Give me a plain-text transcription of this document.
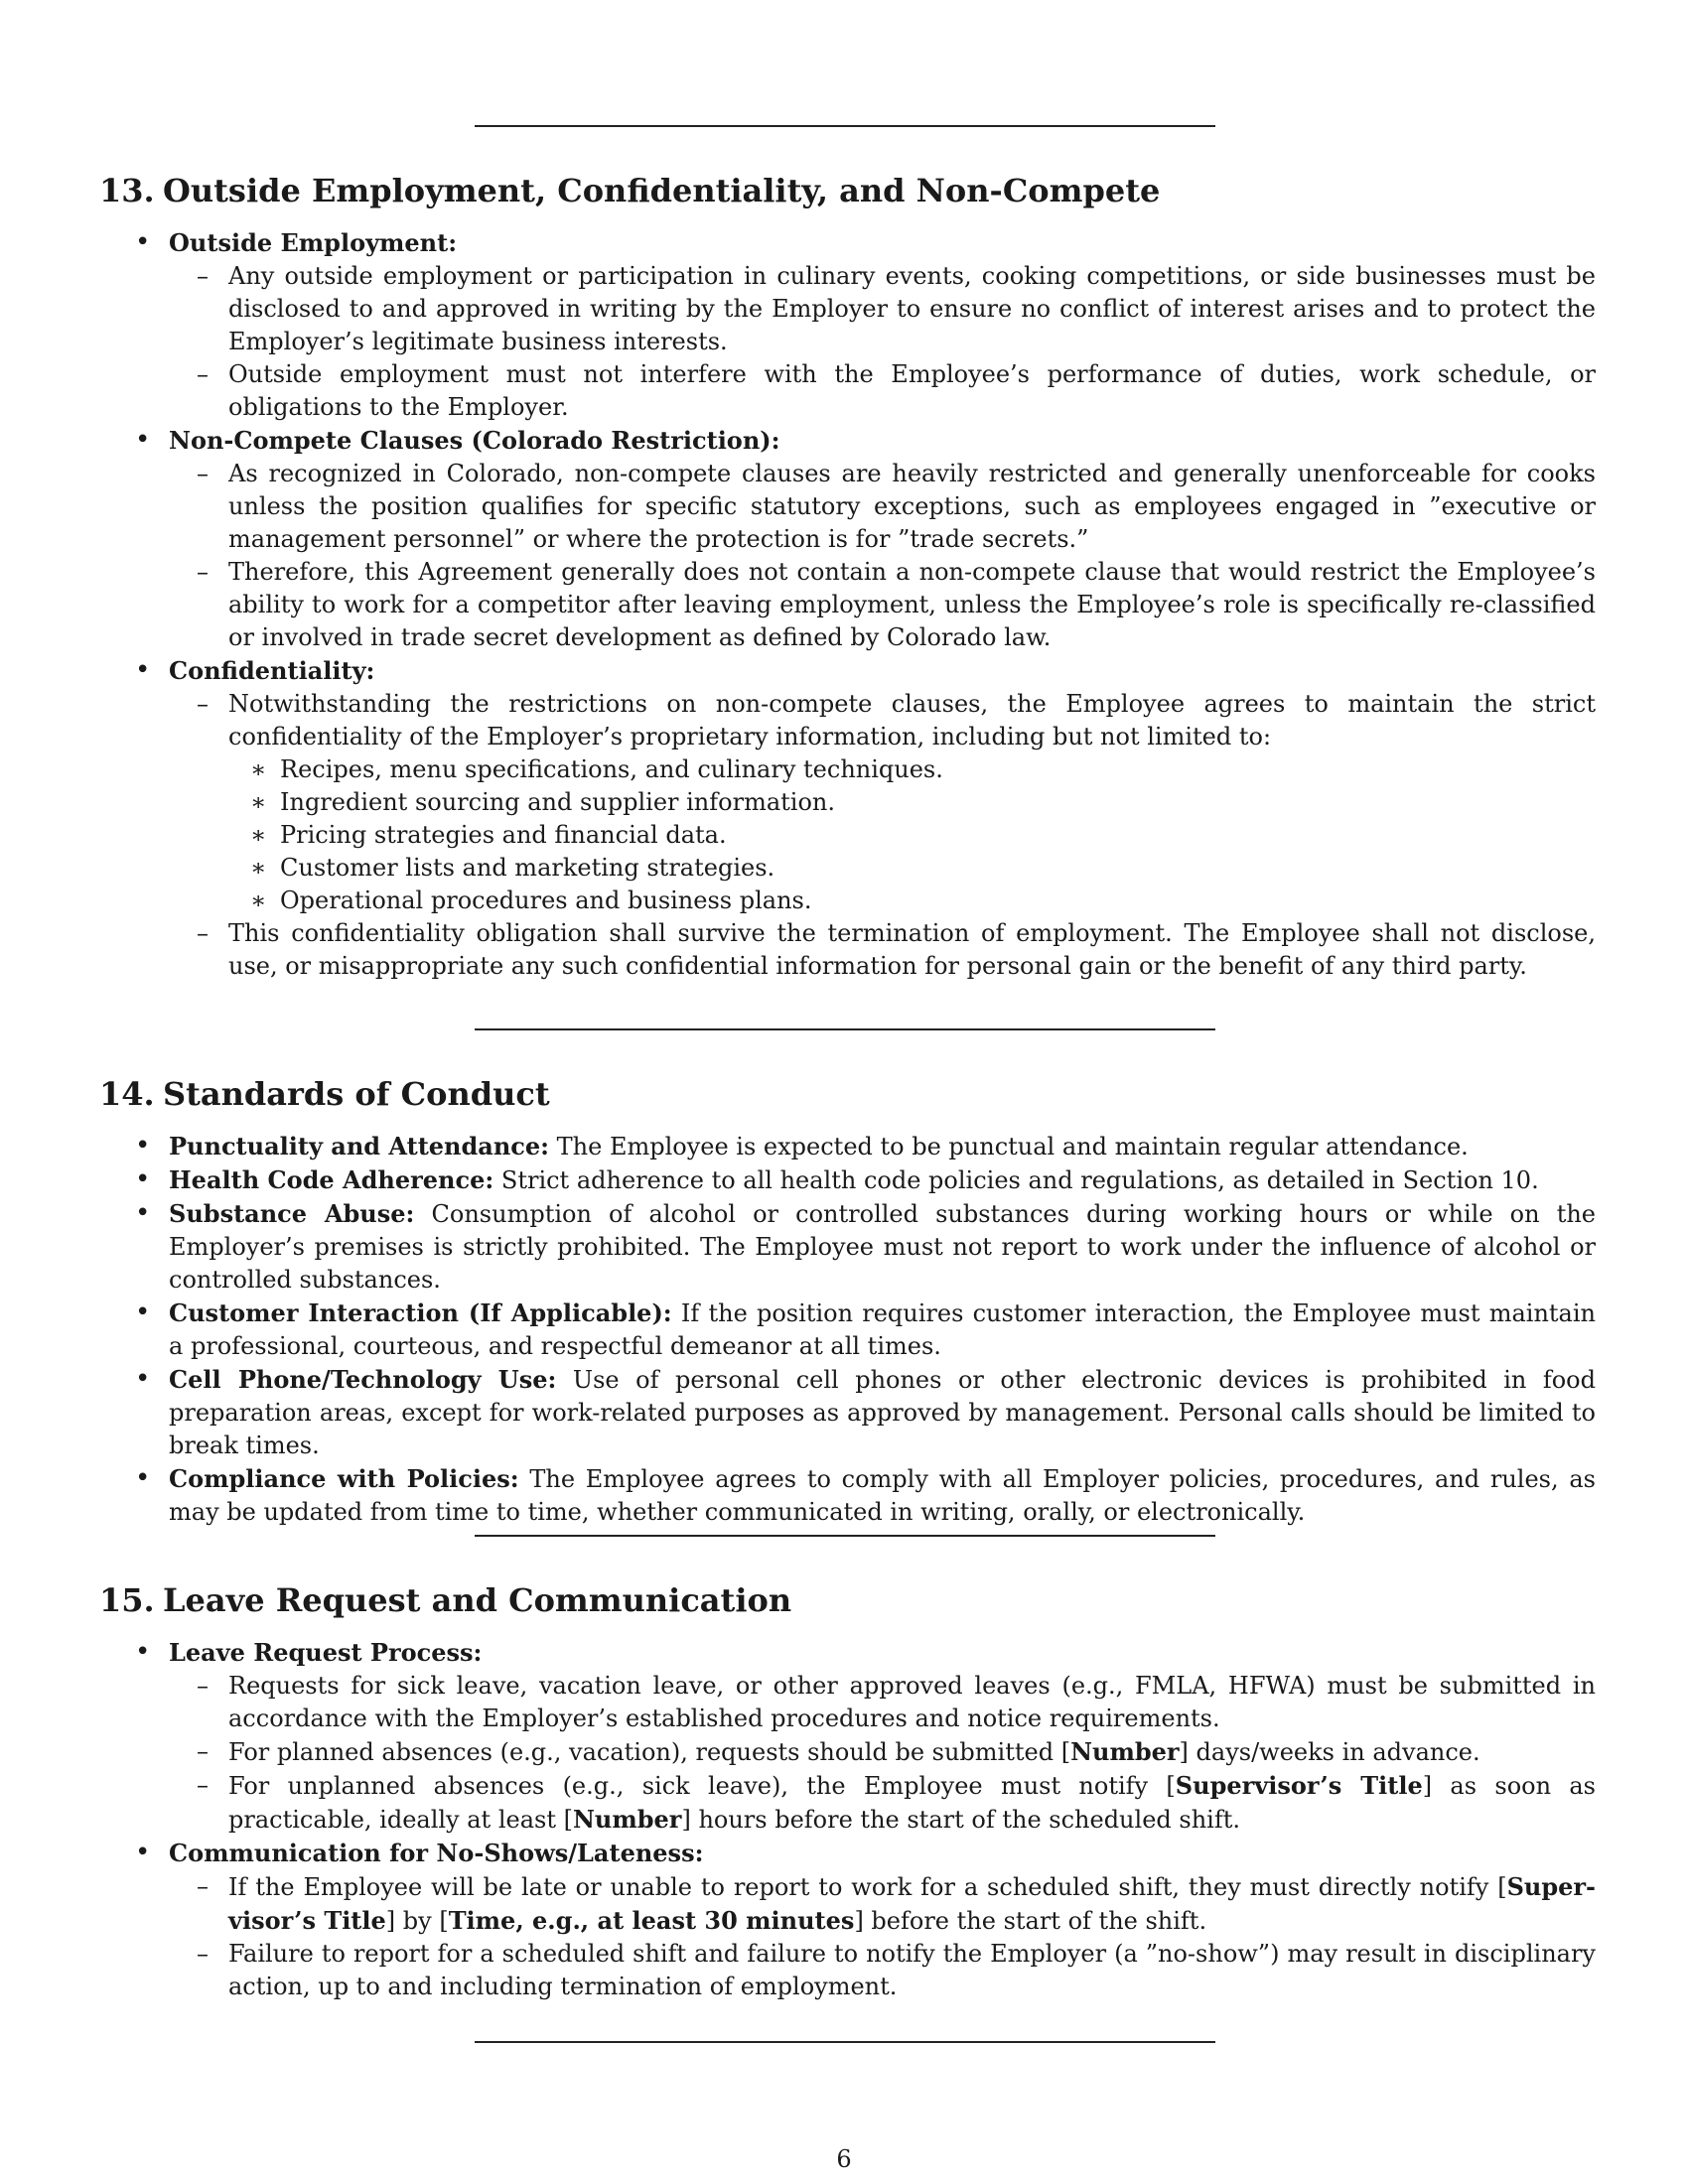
13. Outside Employment, Confidentiality, and Non-Compete
• Outside Employment:
– Any outside employment or participation in culinary events, cooking competitions, or side businesses must be disclosed to and approved in writing by the Employer to ensure no conflict of interest arises and to protect the Employer’s legitimate business interests.
– Outside employment must not interfere with the Employee’s performance of duties, work schedule, or obligations to the Employer.
• Non-Compete Clauses (Colorado Restriction):
– As recognized in Colorado, non-compete clauses are heavily restricted and generally unenforceable for cooks unless the position qualifies for specific statutory exceptions, such as employees engaged in ”executive or management personnel” or where the protection is for ”trade secrets.”
– Therefore, this Agreement generally does not contain a non-compete clause that would restrict the Employee’s ability to work for a competitor after leaving employment, unless the Employee’s role is specifically re-classified or involved in trade secret development as defined by Colorado law.
• Confidentiality:
– Notwithstanding the restrictions on non-compete clauses, the Employee agrees to maintain the strict confidentiality of the Employer’s proprietary information, including but not limited to:
∗ Recipes, menu specifications, and culinary techniques.
∗ Ingredient sourcing and supplier information.
∗ Pricing strategies and financial data.
∗ Customer lists and marketing strategies.
∗ Operational procedures and business plans.
– This confidentiality obligation shall survive the termination of employment. The Employee shall not disclose, use, or misappropriate any such confidential information for personal gain or the benefit of any third party.
14. Standards of Conduct
• Punctuality and Attendance: The Employee is expected to be punctual and maintain regular attendance.
• Health Code Adherence: Strict adherence to all health code policies and regulations, as detailed in Section 10.
• Substance Abuse: Consumption of alcohol or controlled substances during working hours or while on the Employer’s premises is strictly prohibited. The Employee must not report to work under the influence of alcohol or controlled substances.
• Customer Interaction (If Applicable): If the position requires customer interaction, the Employee must maintain a professional, courteous, and respectful demeanor at all times.
• Cell Phone/Technology Use: Use of personal cell phones or other electronic devices is prohibited in food preparation areas, except for work-related purposes as approved by management. Personal calls should be limited to break times.
• Compliance with Policies: The Employee agrees to comply with all Employer policies, procedures, and rules, as may be updated from time to time, whether communicated in writing, orally, or electronically.
15. Leave Request and Communication
• Leave Request Process:
– Requests for sick leave, vacation leave, or other approved leaves (e.g., FMLA, HFWA) must be submitted in accordance with the Employer’s established procedures and notice requirements.
– For planned absences (e.g., vacation), requests should be submitted [Number] days/weeks in advance.
– For unplanned absences (e.g., sick leave), the Employee must notify [Supervisor’s Title] as soon as practicable, ideally at least [Number] hours before the start of the scheduled shift.
• Communication for No-Shows/Lateness:
– If the Employee will be late or unable to report to work for a scheduled shift, they must directly notify [Super-visor’s Title] by [Time, e.g., at least 30 minutes] before the start of the shift.
– Failure to report for a scheduled shift and failure to notify the Employer (a ”no-show”) may result in disciplinary action, up to and including termination of employment.
6
